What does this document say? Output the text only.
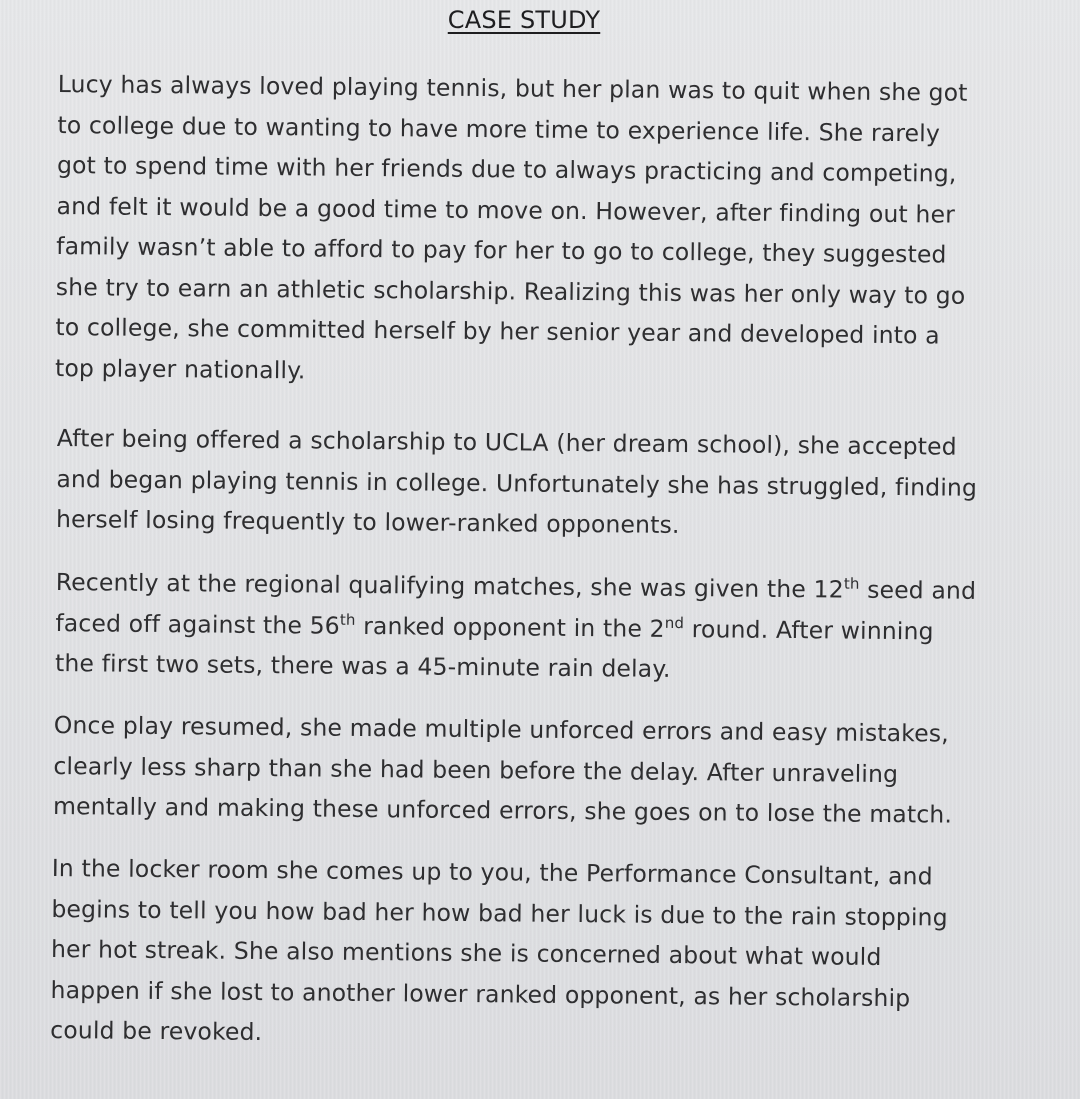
CASE STUDY
Lucy has always loved playing tennis, but her plan was to quit when she got
to college due to wanting to have more time to experience life. She rarely
got to spend time with her friends due to always practicing and competing,
and felt it would be a good time to move on. However, after finding out her
family wasn’t able to afford to pay for her to go to college, they suggested
she try to earn an athletic scholarship. Realizing this was her only way to go
to college, she committed herself by her senior year and developed into a
top player nationally.
After being offered a scholarship to UCLA (her dream school), she accepted
and began playing tennis in college. Unfortunately she has struggled, finding
herself losing frequently to lower-ranked opponents.
Recently at the regional qualifying matches, she was given the 12th seed and
faced off against the 56th ranked opponent in the 2nd round. After winning
the first two sets, there was a 45-minute rain delay.
Once play resumed, she made multiple unforced errors and easy mistakes,
clearly less sharp than she had been before the delay. After unraveling
mentally and making these unforced errors, she goes on to lose the match.
In the locker room she comes up to you, the Performance Consultant, and
begins to tell you how bad her how bad her luck is due to the rain stopping
her hot streak. She also mentions she is concerned about what would
happen if she lost to another lower ranked opponent, as her scholarship
could be revoked.
